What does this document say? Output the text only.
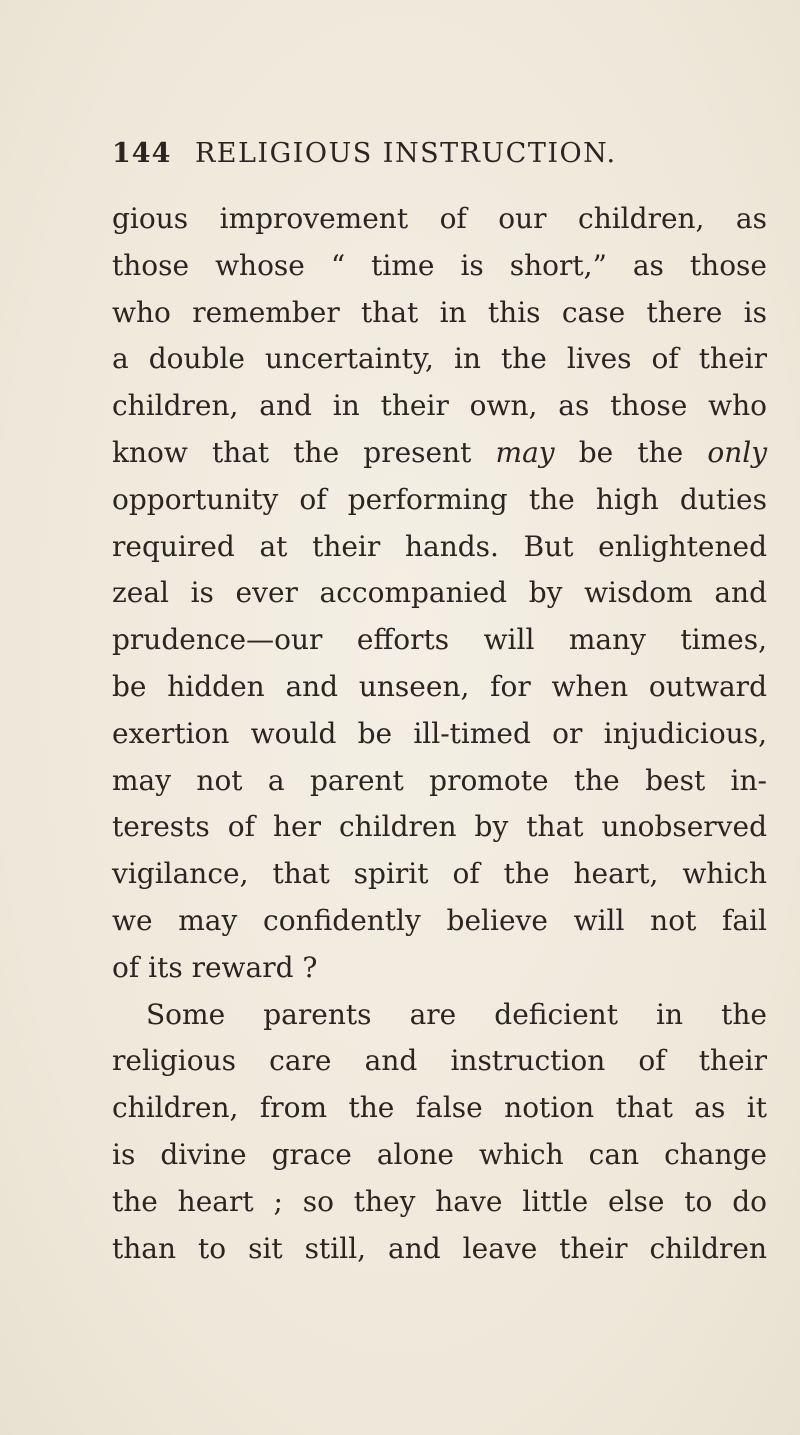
144 RELIGIOUS INSTRUCTION.
gious improvement of our children, as
those whose “ time is short,” as those
who remember that in this case there is
a double uncertainty, in the lives of their
children, and in their own, as those who
know that the present may be the only
opportunity of performing the high duties
required at their hands. But enlightened
zeal is ever accompanied by wisdom and
prudence—our efforts will many times,
be hidden and unseen, for when outward
exertion would be ill-timed or injudicious,
may not a parent promote the best in-
terests of her children by that unobserved
vigilance, that spirit of the heart, which
we may confidently believe will not fail
of its reward ?
Some parents are deficient in the
religious care and instruction of their
children, from the false notion that as it
is divine grace alone which can change
the heart ; so they have little else to do
than to sit still, and leave their children
